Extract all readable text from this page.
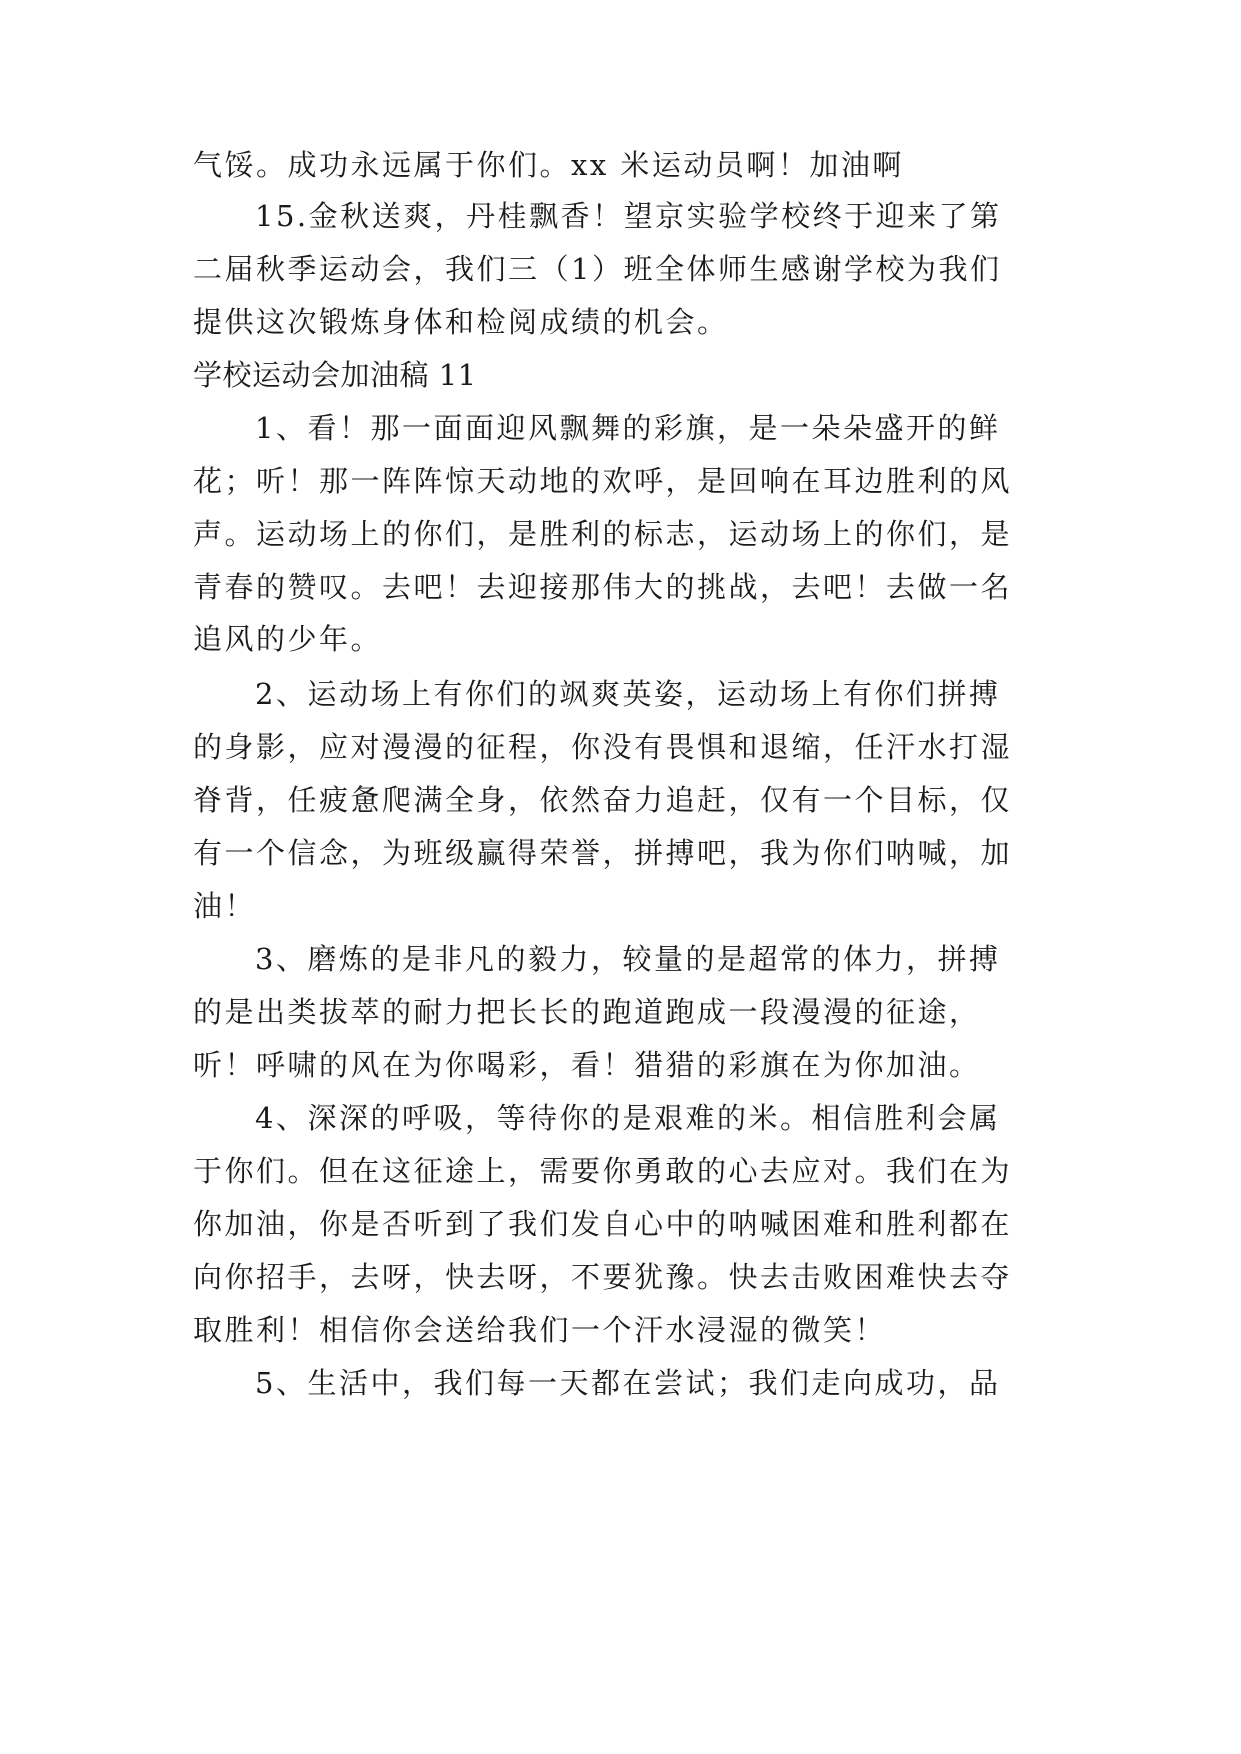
气馁。成功永远属于你们。xx 米运动员啊！加油啊
15.金秋送爽，丹桂飘香！望京实验学校终于迎来了第
二届秋季运动会，我们三（1）班全体师生感谢学校为我们
提供这次锻炼身体和检阅成绩的机会。
学校运动会加油稿 11
1、看！那一面面迎风飘舞的彩旗，是一朵朵盛开的鲜
花；听！那一阵阵惊天动地的欢呼，是回响在耳边胜利的风
声。运动场上的你们，是胜利的标志，运动场上的你们，是
青春的赞叹。去吧！去迎接那伟大的挑战，去吧！去做一名
追风的少年。
2、运动场上有你们的飒爽英姿，运动场上有你们拼搏
的身影，应对漫漫的征程，你没有畏惧和退缩，任汗水打湿
脊背，任疲惫爬满全身，依然奋力追赶，仅有一个目标，仅
有一个信念，为班级赢得荣誉，拼搏吧，我为你们呐喊，加
油！
3、磨炼的是非凡的毅力，较量的是超常的体力，拼搏
的是出类拔萃的耐力把长长的跑道跑成一段漫漫的征途，
听！呼啸的风在为你喝彩，看！猎猎的彩旗在为你加油。
4、深深的呼吸，等待你的是艰难的米。相信胜利会属
于你们。但在这征途上，需要你勇敢的心去应对。我们在为
你加油，你是否听到了我们发自心中的呐喊困难和胜利都在
向你招手，去呀，快去呀，不要犹豫。快去击败困难快去夺
取胜利！相信你会送给我们一个汗水浸湿的微笑！
5、生活中，我们每一天都在尝试；我们走向成功，品
